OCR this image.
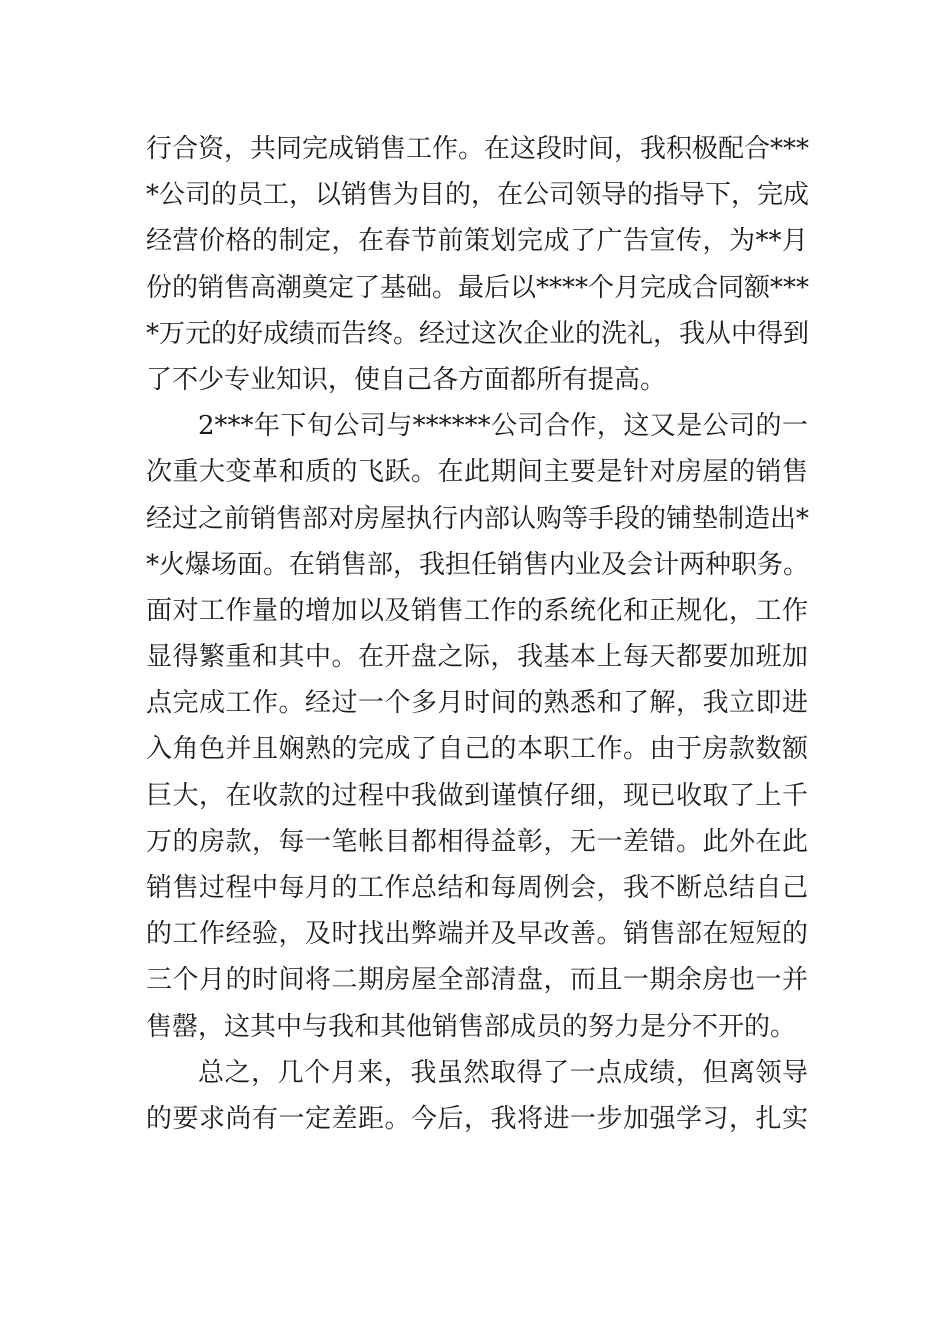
行合资，共同完成销售工作。在这段时间，我积极配合***
*公司的员工，以销售为目的，在公司领导的指导下，完成
经营价格的制定，在春节前策划完成了广告宣传，为**月
份的销售高潮奠定了基础。最后以****个月完成合同额***
*万元的好成绩而告终。经过这次企业的洗礼，我从中得到
了不少专业知识，使自己各方面都所有提高。
2***年下旬公司与******公司合作，这又是公司的一
次重大变革和质的飞跃。在此期间主要是针对房屋的销售
经过之前销售部对房屋执行内部认购等手段的铺垫制造出*
*火爆场面。在销售部，我担任销售内业及会计两种职务。
面对工作量的增加以及销售工作的系统化和正规化，工作
显得繁重和其中。在开盘之际，我基本上每天都要加班加
点完成工作。经过一个多月时间的熟悉和了解，我立即进
入角色并且娴熟的完成了自己的本职工作。由于房款数额
巨大，在收款的过程中我做到谨慎仔细，现已收取了上千
万的房款，每一笔帐目都相得益彰，无一差错。此外在此
销售过程中每月的工作总结和每周例会，我不断总结自己
的工作经验，及时找出弊端并及早改善。销售部在短短的
三个月的时间将二期房屋全部清盘，而且一期余房也一并
售罄，这其中与我和其他销售部成员的努力是分不开的。
总之，几个月来，我虽然取得了一点成绩，但离领导
的要求尚有一定差距。今后，我将进一步加强学习，扎实
